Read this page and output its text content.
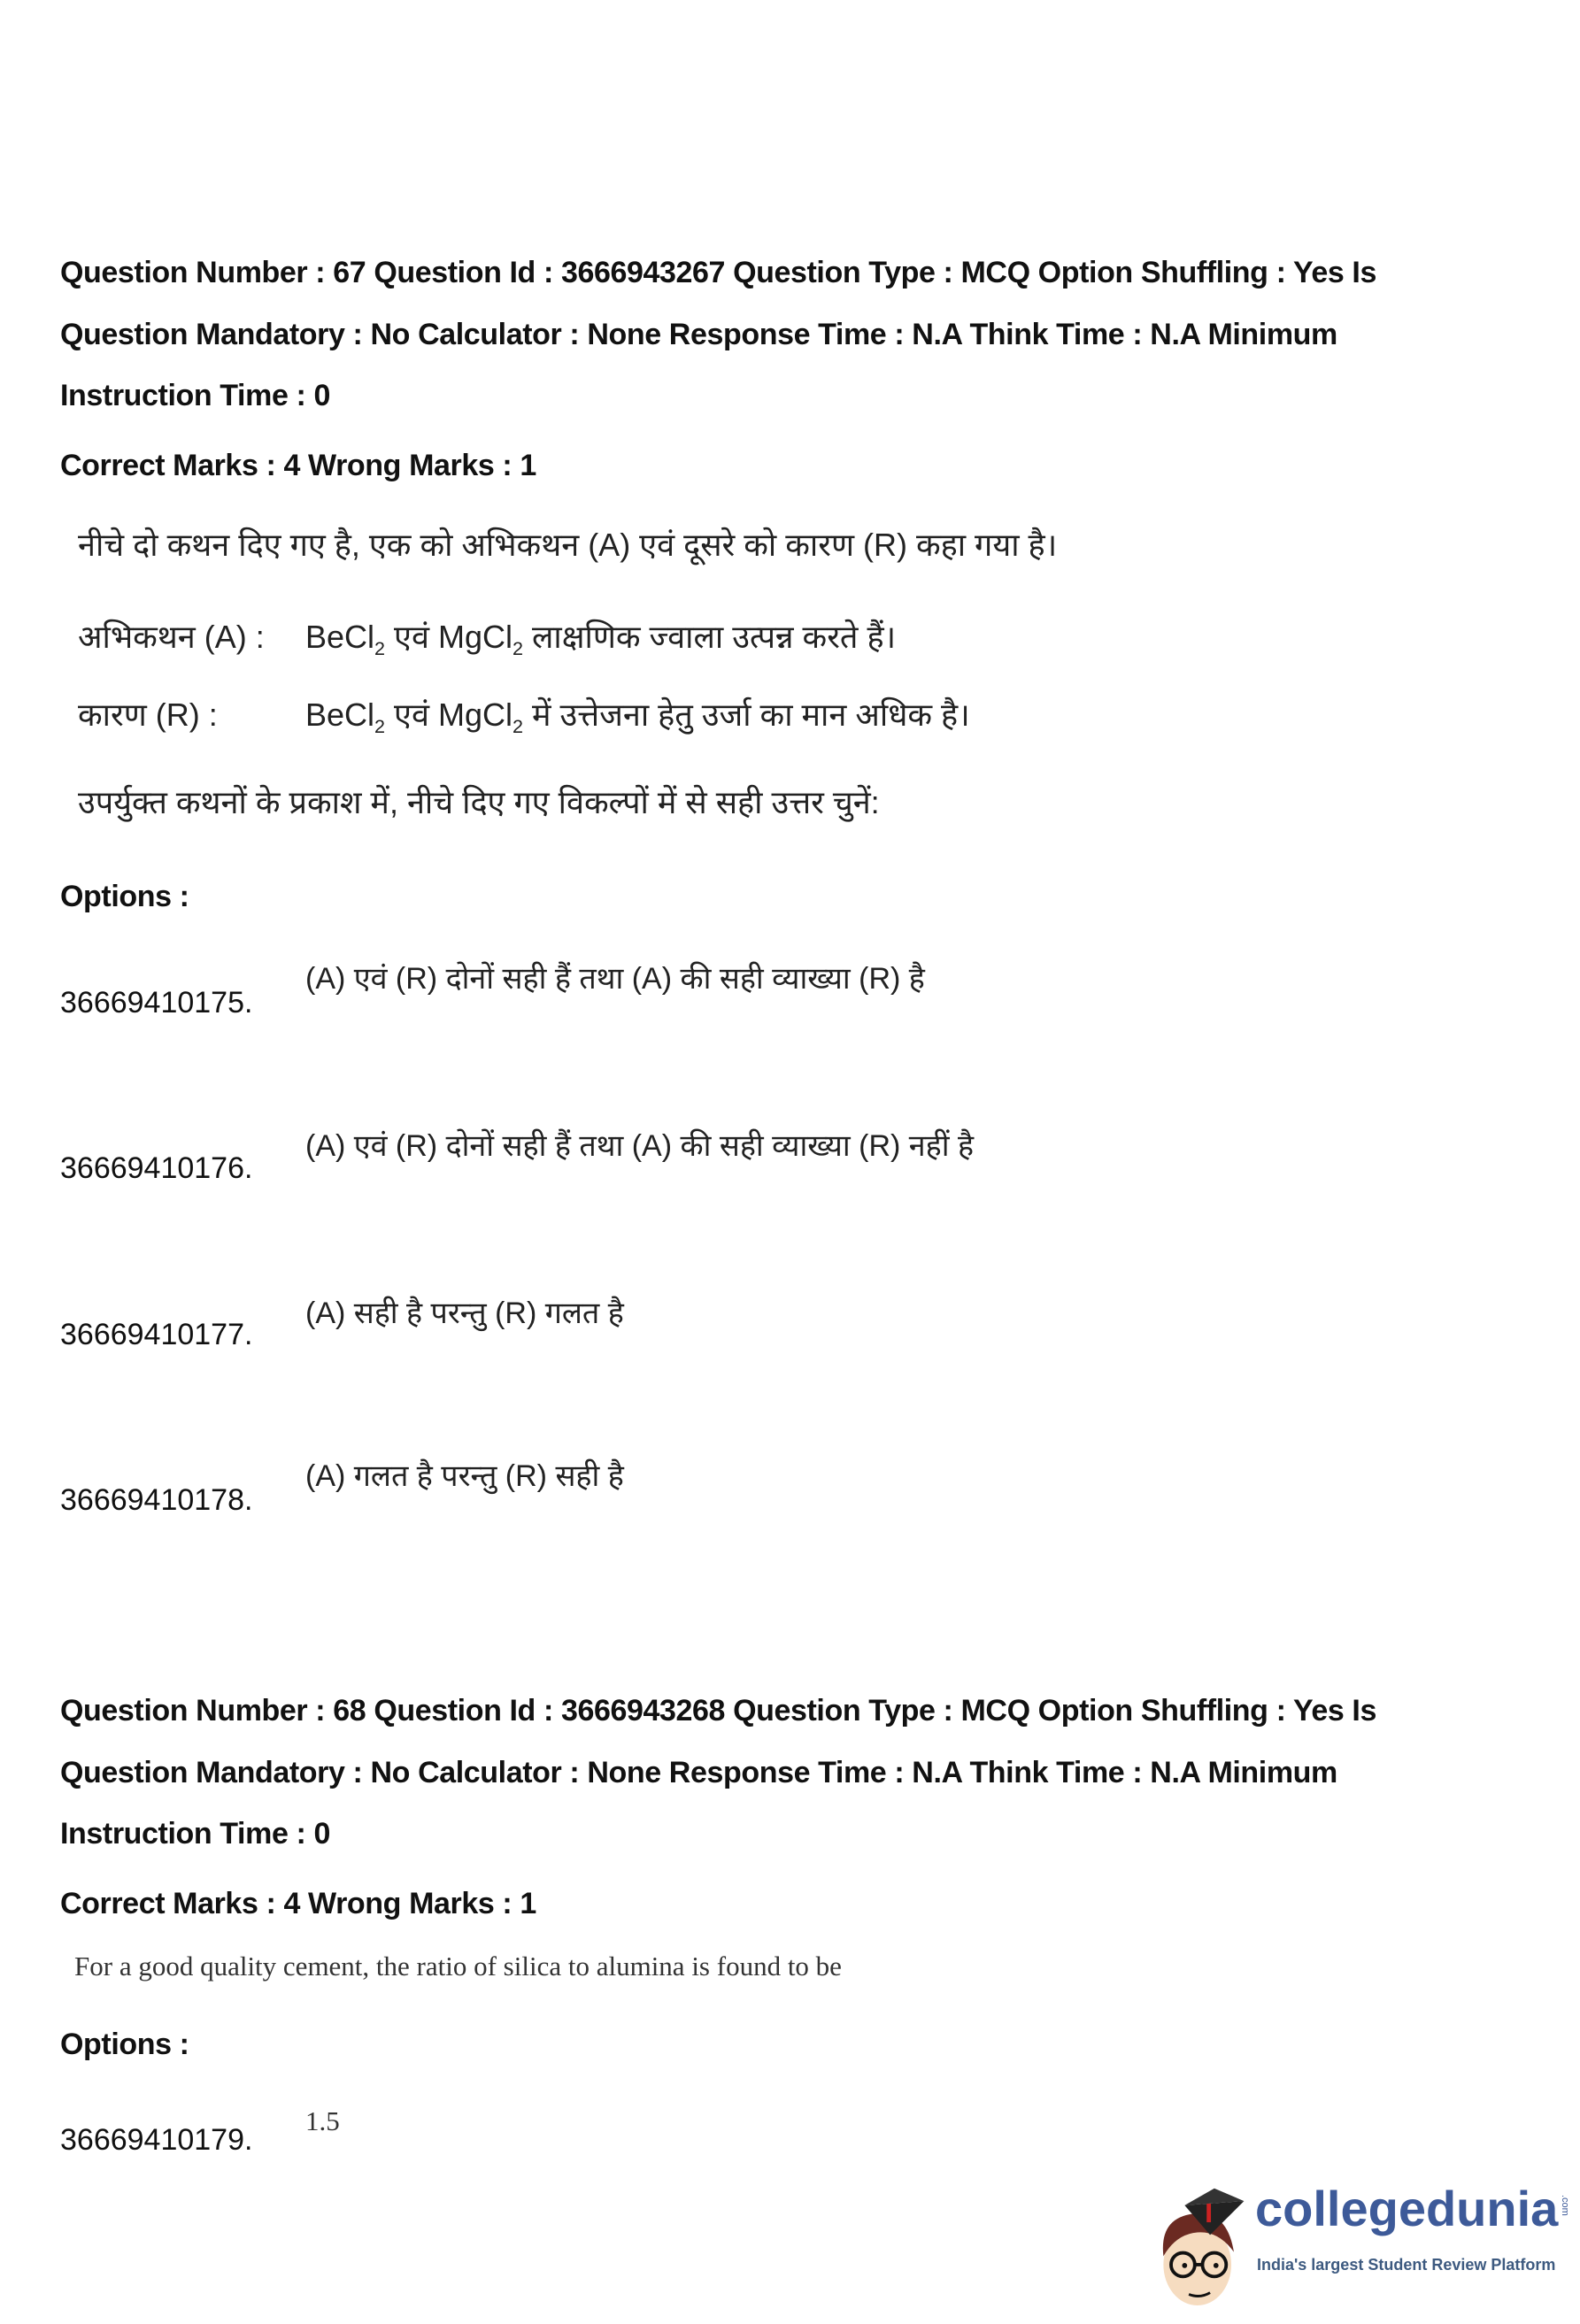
Question Number : 67 Question Id : 3666943267 Question Type : MCQ Option Shuffling : Yes Is
Question Mandatory : No Calculator : None Response Time : N.A Think Time : N.A Minimum
Instruction Time : 0
Correct Marks : 4 Wrong Marks : 1
नीचे दो कथन दिए गए है, एक को अभिकथन (A) एवं दूसरे को कारण (R) कहा गया है।
अभिकथन (A) : BeCl$_2$ एवं MgCl$_2$ लाक्षणिक ज्वाला उत्पन्न करते हैं।
कारण (R) :	BeCl$_2$ एवं MgCl$_2$ में उत्तेजना हेतु उर्जा का मान अधिक है।
उपर्युक्त कथनों के प्रकाश में, नीचे दिए गए विकल्पों में से सही उत्तर चुनें:
Options :
36669410175.
(A) एवं (R) दोनों सही हैं तथा (A) की सही व्याख्या (R) है
36669410176.
(A) एवं (R) दोनों सही हैं तथा (A) की सही व्याख्या (R) नहीं है
36669410177.
(A) सही है परन्तु (R) गलत है
36669410178.
(A) गलत है परन्तु (R) सही है
Question Number : 68 Question Id : 3666943268 Question Type : MCQ Option Shuffling : Yes Is
Question Mandatory : No Calculator : None Response Time : N.A Think Time : N.A Minimum
Instruction Time : 0
Correct Marks : 4 Wrong Marks : 1
For a good quality cement, the ratio of silica to alumina is found to be
Options :
36669410179.
1.5
collegedunia .com
India's largest Student Review Platform
